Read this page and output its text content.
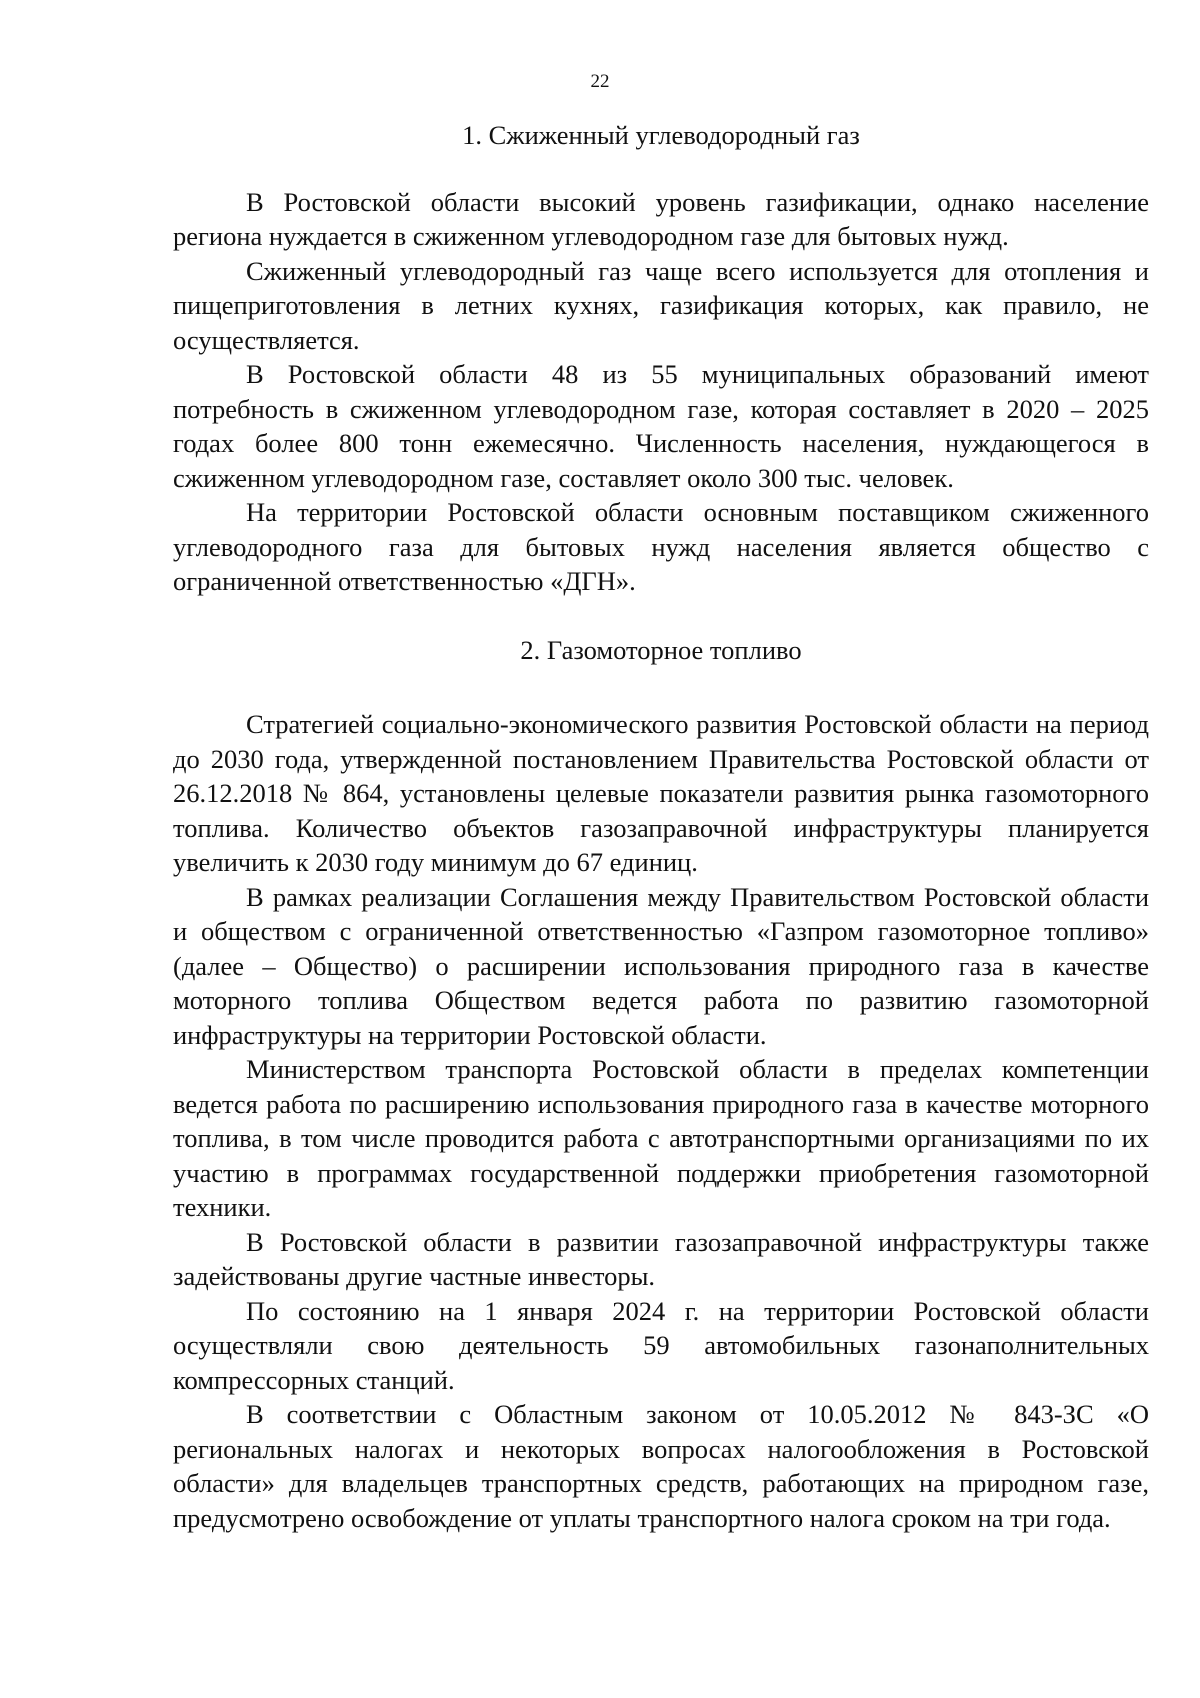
22
1. Сжиженный углеводородный газ

В Ростовской области высокий уровень газификации, однако население региона нуждается в сжиженном углеводородном газе для бытовых нужд.

Сжиженный углеводородный газ чаще всего используется для отопления и пищеприготовления в летних кухнях, газификация которых, как правило, не осуществляется.

В Ростовской области 48 из 55 муниципальных образований имеют потребность в сжиженном углеводородном газе, которая составляет в 2020 – 2025 годах более 800 тонн ежемесячно. Численность населения, нуждающегося в сжиженном углеводородном газе, составляет около 300 тыс. человек.

На территории Ростовской области основным поставщиком сжиженного углеводородного газа для бытовых нужд населения является общество с ограниченной ответственностью «ДГН».

2. Газомоторное топливо

Стратегией социально-экономического развития Ростовской области на период до 2030 года, утвержденной постановлением Правительства Ростовской области от 26.12.2018 № 864, установлены целевые показатели развития рынка газомоторного топлива. Количество объектов газозаправочной инфраструктуры планируется увеличить к 2030 году минимум до 67 единиц.

В рамках реализации Соглашения между Правительством Ростовской области и обществом с ограниченной ответственностью «Газпром газомоторное топливо» (далее – Общество) о расширении использования природного газа в качестве моторного топлива Обществом ведется работа по развитию газомоторной инфраструктуры на территории Ростовской области.

Министерством транспорта Ростовской области в пределах компетенции ведется работа по расширению использования природного газа в качестве моторного топлива, в том числе проводится работа с автотранспортными организациями по их участию в программах государственной поддержки приобретения газомоторной техники.

В Ростовской области в развитии газозаправочной инфраструктуры также задействованы другие частные инвесторы.

По состоянию на 1 января 2024 г. на территории Ростовской области осуществляли свою деятельность 59 автомобильных газонаполнительных компрессорных станций.

В соответствии с Областным законом от 10.05.2012 № 843-ЗС «О региональных налогах и некоторых вопросах налогообложения в Ростовской области» для владельцев транспортных средств, работающих на природном газе, предусмотрено освобождение от уплаты транспортного налога сроком на три года.
